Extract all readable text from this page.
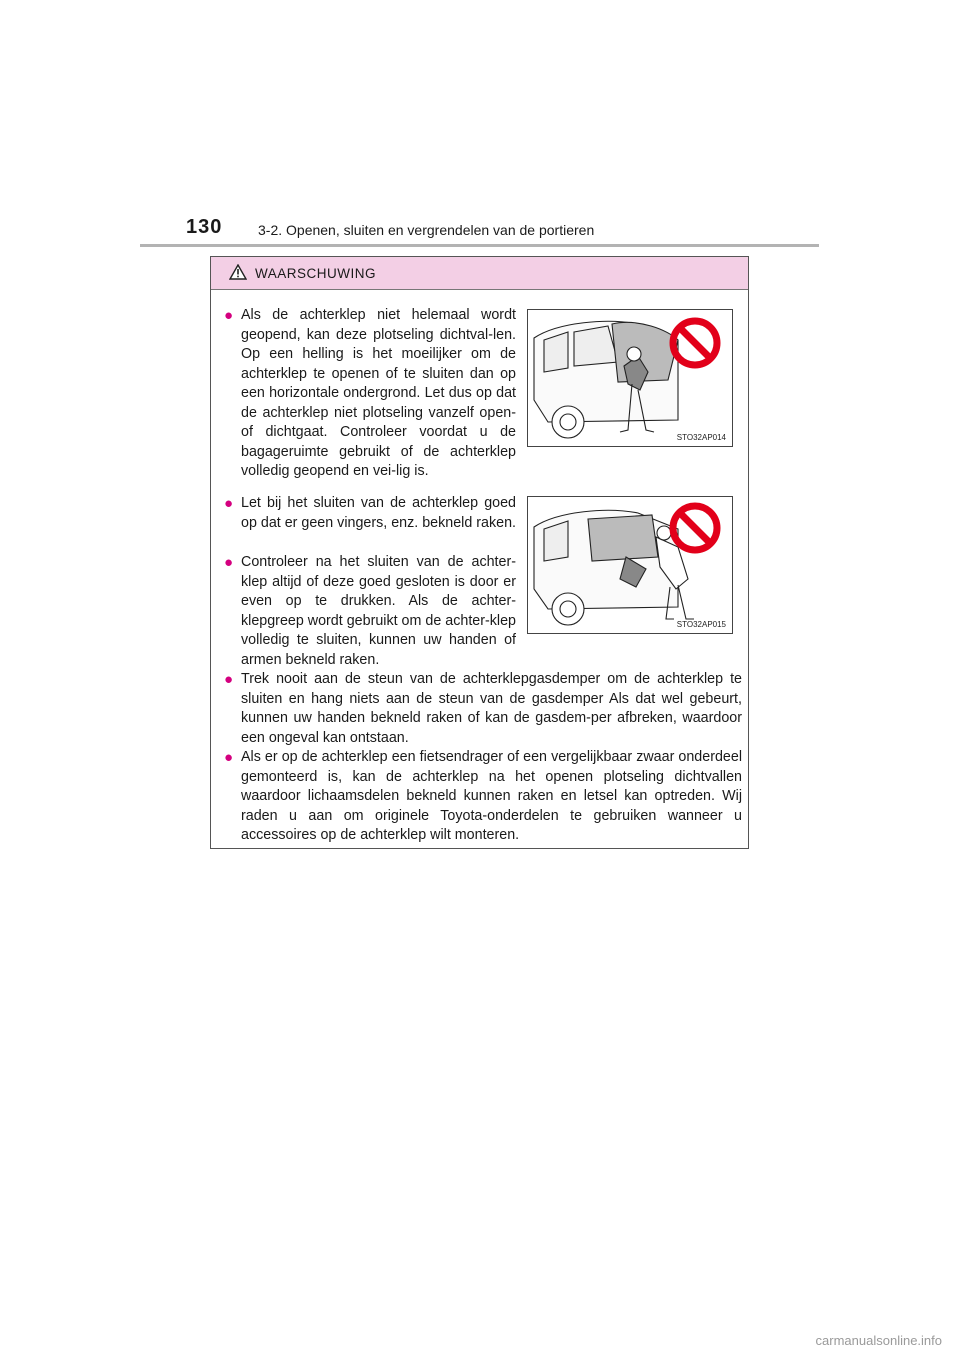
130	3-2. Openen, sluiten en vergrendelen van de portieren
WAARSCHUWING
● Als de achterklep niet helemaal wordt geopend, kan deze plotseling dichtval-len. Op een helling is het moeilijker om de achterklep te openen of te sluiten dan op een horizontale ondergrond. Let dus op dat de achterklep niet plotseling vanzelf open- of dichtgaat. Controleer voordat u de bagageruimte gebruikt of de achterklep volledig geopend en vei-lig is.
● Let bij het sluiten van de achterklep goed op dat er geen vingers, enz. bekneld raken.
● Controleer na het sluiten van de achter-klep altijd of deze goed gesloten is door er even op te drukken. Als de achter-klepgreep wordt gebruikt om de achter-klep volledig te sluiten, kunnen uw handen of armen bekneld raken.
● Trek nooit aan de steun van de achterklepgasdemper om de achterklep te sluiten en hang niets aan de steun van de gasdemper Als dat wel gebeurt, kunnen uw handen bekneld raken of kan de gasdem-per afbreken, waardoor een ongeval kan ontstaan.
● Als er op de achterklep een fietsendrager of een vergelijkbaar zwaar onderdeel gemonteerd is, kan de achterklep na het openen plotseling dichtvallen waardoor lichaamsdelen bekneld kunnen raken en letsel kan optreden. Wij raden u aan om originele Toyota-onderdelen te gebruiken wanneer u accessoires op de achterklep wilt monteren.
STO32AP014
STO32AP015
carmanualsonline.info
